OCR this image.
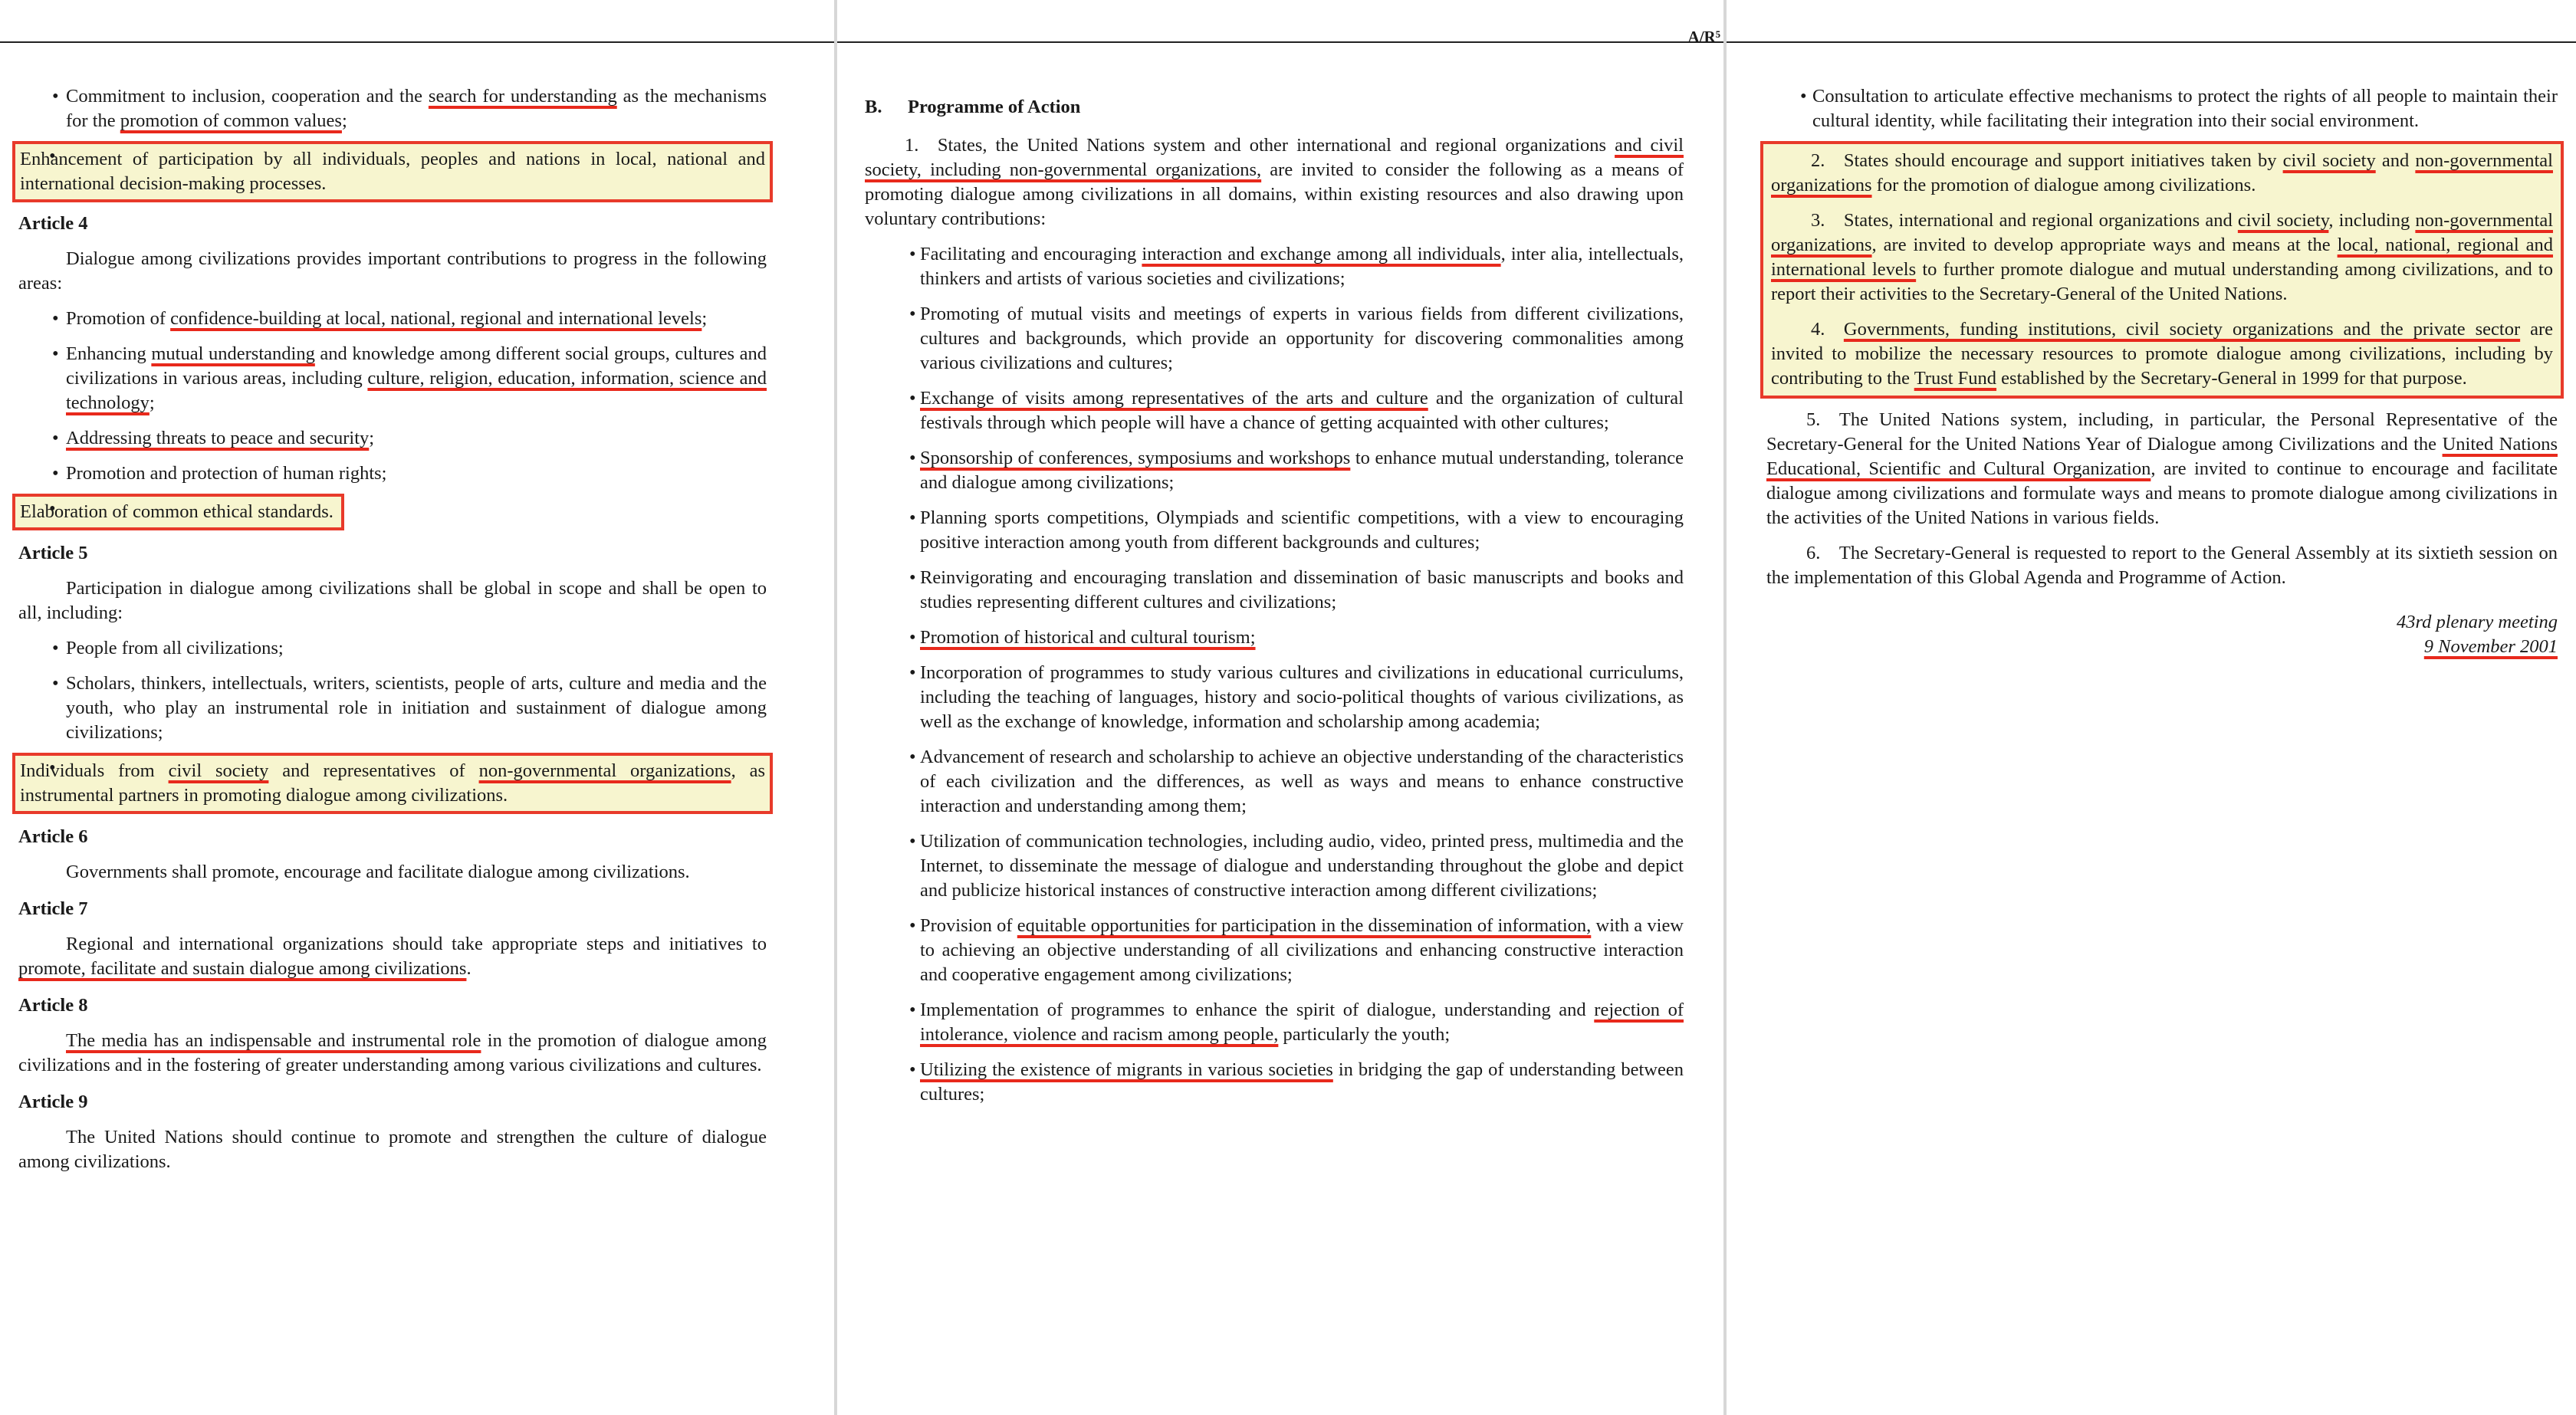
• Commitment to inclusion, cooperation and the search for understanding as the mechanisms for the promotion of common values;

• Enhancement of participation by all individuals, peoples and nations in local, national and international decision-making processes.

Article 4

Dialogue among civilizations provides important contributions to progress in the following areas:

• Promotion of confidence-building at local, national, regional and international levels;

• Enhancing mutual understanding and knowledge among different social groups, cultures and civilizations in various areas, including culture, religion, education, information, science and technology;

• Addressing threats to peace and security;

• Promotion and protection of human rights;

• Elaboration of common ethical standards.

Article 5

Participation in dialogue among civilizations shall be global in scope and shall be open to all, including:

• People from all civilizations;

• Scholars, thinkers, intellectuals, writers, scientists, people of arts, culture and media and the youth, who play an instrumental role in initiation and sustainment of dialogue among civilizations;

• Individuals from civil society and representatives of non-governmental organizations, as instrumental partners in promoting dialogue among civilizations.

Article 6

Governments shall promote, encourage and facilitate dialogue among civilizations.

Article 7

Regional and international organizations should take appropriate steps and initiatives to promote, facilitate and sustain dialogue among civilizations.

Article 8

The media has an indispensable and instrumental role in the promotion of dialogue among civilizations and in the fostering of greater understanding among various civilizations and cultures.

Article 9

The United Nations should continue to promote and strengthen the culture of dialogue among civilizations.

A/R⁵

B. Programme of Action

1. States, the United Nations system and other international and regional organizations and civil society, including non-governmental organizations, are invited to consider the following as a means of promoting dialogue among civilizations in all domains, within existing resources and also drawing upon voluntary contributions:

• Facilitating and encouraging interaction and exchange among all individuals, inter alia, intellectuals, thinkers and artists of various societies and civilizations;

• Promoting of mutual visits and meetings of experts in various fields from different civilizations, cultures and backgrounds, which provide an opportunity for discovering commonalities among various civilizations and cultures;

• Exchange of visits among representatives of the arts and culture and the organization of cultural festivals through which people will have a chance of getting acquainted with other cultures;

• Sponsorship of conferences, symposiums and workshops to enhance mutual understanding, tolerance and dialogue among civilizations;

• Planning sports competitions, Olympiads and scientific competitions, with a view to encouraging positive interaction among youth from different backgrounds and cultures;

• Reinvigorating and encouraging translation and dissemination of basic manuscripts and books and studies representing different cultures and civilizations;

• Promotion of historical and cultural tourism;

• Incorporation of programmes to study various cultures and civilizations in educational curriculums, including the teaching of languages, history and socio-political thoughts of various civilizations, as well as the exchange of knowledge, information and scholarship among academia;

• Advancement of research and scholarship to achieve an objective understanding of the characteristics of each civilization and the differences, as well as ways and means to enhance constructive interaction and understanding among them;

• Utilization of communication technologies, including audio, video, printed press, multimedia and the Internet, to disseminate the message of dialogue and understanding throughout the globe and depict and publicize historical instances of constructive interaction among different civilizations;

• Provision of equitable opportunities for participation in the dissemination of information, with a view to achieving an objective understanding of all civilizations and enhancing constructive interaction and cooperative engagement among civilizations;

• Implementation of programmes to enhance the spirit of dialogue, understanding and rejection of intolerance, violence and racism among people, particularly the youth;

• Utilizing the existence of migrants in various societies in bridging the gap of understanding between cultures;

• Consultation to articulate effective mechanisms to protect the rights of all people to maintain their cultural identity, while facilitating their integration into their social environment.

2. States should encourage and support initiatives taken by civil society and non-governmental organizations for the promotion of dialogue among civilizations.

3. States, international and regional organizations and civil society, including non-governmental organizations, are invited to develop appropriate ways and means at the local, national, regional and international levels to further promote dialogue and mutual understanding among civilizations, and to report their activities to the Secretary-General of the United Nations.

4. Governments, funding institutions, civil society organizations and the private sector are invited to mobilize the necessary resources to promote dialogue among civilizations, including by contributing to the Trust Fund established by the Secretary-General in 1999 for that purpose.

5. The United Nations system, including, in particular, the Personal Representative of the Secretary-General for the United Nations Year of Dialogue among Civilizations and the United Nations Educational, Scientific and Cultural Organization, are invited to continue to encourage and facilitate dialogue among civilizations and formulate ways and means to promote dialogue among civilizations in the activities of the United Nations in various fields.

6. The Secretary-General is requested to report to the General Assembly at its sixtieth session on the implementation of this Global Agenda and Programme of Action.

43rd plenary meeting

9 November 2001
